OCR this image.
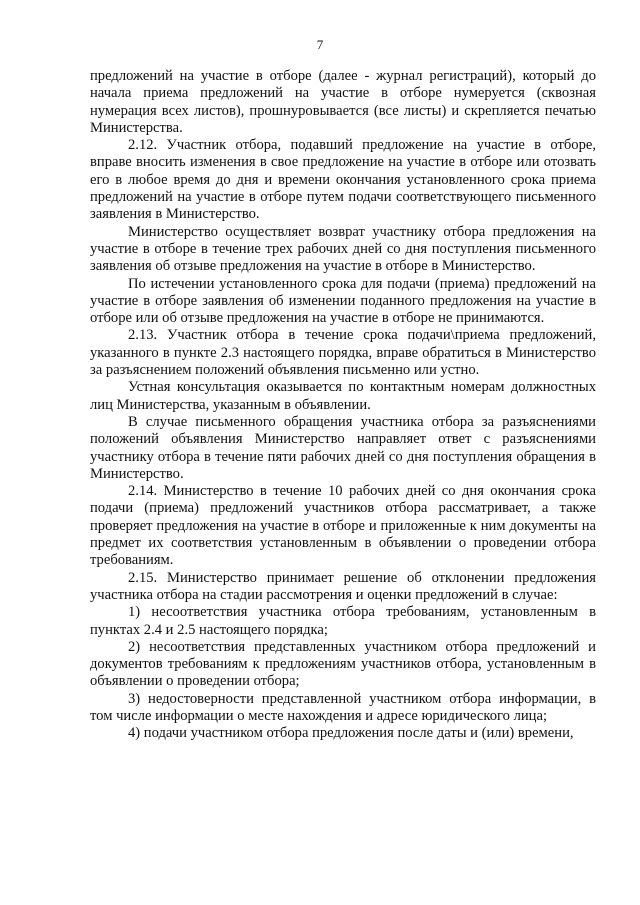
7

предложений на участие в отборе (далее - журнал регистраций), который до начала приема предложений на участие в отборе нумеруется (сквозная нумерация всех листов), прошнуровывается (все листы) и скрепляется печатью Министерства.

2.12. Участник отбора, подавший предложение на участие в отборе, вправе вносить изменения в свое предложение на участие в отборе или отозвать его в любое время до дня и времени окончания установленного срока приема предложений на участие в отборе путем подачи соответствующего письменного заявления в Министерство.

Министерство осуществляет возврат участнику отбора предложения на участие в отборе в течение трех рабочих дней со дня поступления письменного заявления об отзыве предложения на участие в отборе в Министерство.

По истечении установленного срока для подачи (приема) предложений на участие в отборе заявления об изменении поданного предложения на участие в отборе или об отзыве предложения на участие в отборе не принимаются.

2.13. Участник отбора в течение срока подачи\приема предложений, указанного в пункте 2.3 настоящего порядка, вправе обратиться в Министерство за разъяснением положений объявления письменно или устно.

Устная консультация оказывается по контактным номерам должностных лиц Министерства, указанным в объявлении.

В случае письменного обращения участника отбора за разъяснениями положений объявления Министерство направляет ответ с разъяснениями участнику отбора в течение пяти рабочих дней со дня поступления обращения в Министерство.

2.14. Министерство в течение 10 рабочих дней со дня окончания срока подачи (приема) предложений участников отбора рассматривает, а также проверяет предложения на участие в отборе и приложенные к ним документы на предмет их соответствия установленным в объявлении о проведении отбора требованиям.

2.15. Министерство принимает решение об отклонении предложения участника отбора на стадии рассмотрения и оценки предложений в случае:

1) несоответствия участника отбора требованиям, установленным в пунктах 2.4 и 2.5 настоящего порядка;

2) несоответствия представленных участником отбора предложений и документов требованиям к предложениям участников отбора, установленным в объявлении о проведении отбора;

3) недостоверности представленной участником отбора информации, в том числе информации о месте нахождения и адресе юридического лица;

4) подачи участником отбора предложения после даты и (или) времени,
